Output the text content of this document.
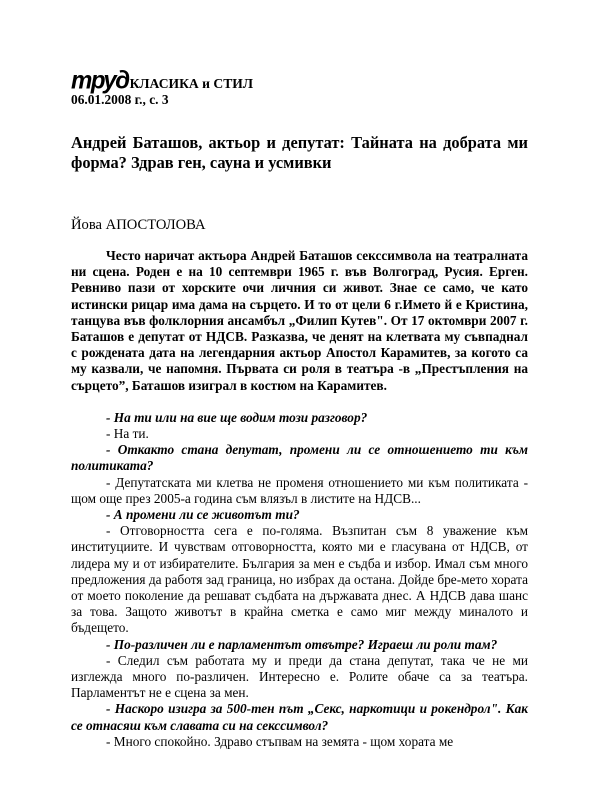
труд КЛАСИКА и СТИЛ
06.01.2008 г., с. 3
Андрей Баташов, актьор и депутат: Тайната на добрата ми форма? Здрав ген, сауна и усмивки
Йова АПОСТОЛОВА

Често наричат актьора Андрей Баташов секссимвола на театралната ни сцена. Роден е на 10 септември 1965 г. във Волгоград, Русия. Ерген. Ревниво пази от хорските очи личния си живот. Знае се само, че като истински рицар има дама на сърцето. И то от цели 6 г.Името й е Кристина, танцува във фолклорния ансамбъл „Филип Кутев". От 17 октомври 2007 г. Баташов е депутат от НДСВ. Разказва, че денят на клетвата му съвпаднал с рождената дата на легендарния актьор Апостол Карамитев, за когото са му казвали, че напомня. Първата си роля в театъра -в „Престъпления на сърцето”, Баташов изиграл в костюм на Карамитев.

- На ти или на вие ще водим този разговор?

- На ти.

- Откакто стана депутат, промени ли се отношението ти към политиката?

- Депутатската ми клетва не променя отношението ми към политиката - щом още през 2005-а година съм влязъл в листите на НДСВ...

- А промени ли се животът ти?

- Отговорността сега е по-голяма. Възпитан съм 8 уважение към институциите. И чувствам отговорността, която ми е гласувана от НДСВ, от лидера му и от избирателите. България за мен е съдба и избор. Имал съм много предложения да работя зад граница, но избрах да остана. Дойде бре-мето хората от моето поколение да решават съдбата на държавата днес. А НДСВ дава шанс за това. Защото животът в крайна сметка е само миг между миналото и бъдещето.

- По-различен ли е парламентът отвътре? Играеш ли роли там?

- Следил съм работата му и преди да стана депутат, така че не ми изглежда много по-различен. Интересно е. Ролите обаче са за театъра. Парламентът не е сцена за мен.

- Наскоро изигра за 500-тен път „Секс, наркотици и рокендрол". Как се отнасяш към славата си на секссимвол?

- Много спокойно. Здраво стъпвам на земята - щом хората ме
